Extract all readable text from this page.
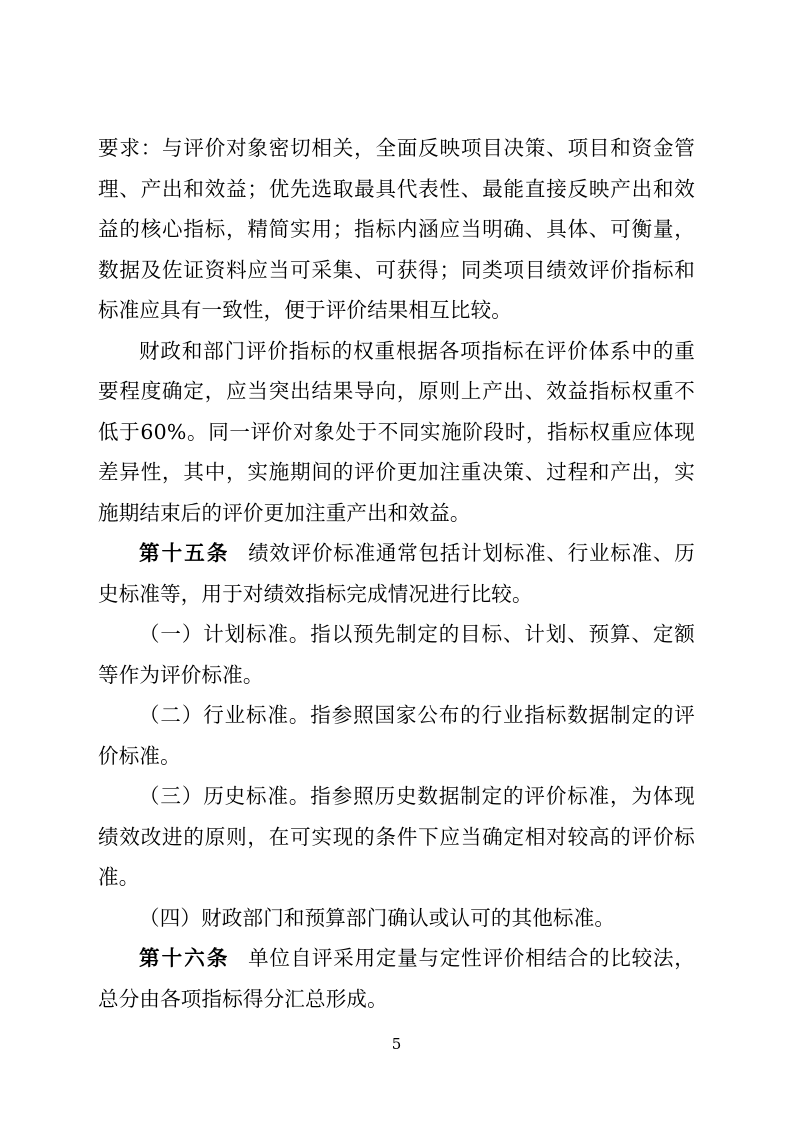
要求：与评价对象密切相关，全面反映项目决策、项目和资金管理、产出和效益；优先选取最具代表性、最能直接反映产出和效益的核心指标，精简实用；指标内涵应当明确、具体、可衡量，数据及佐证资料应当可采集、可获得；同类项目绩效评价指标和标准应具有一致性，便于评价结果相互比较。

财政和部门评价指标的权重根据各项指标在评价体系中的重要程度确定，应当突出结果导向，原则上产出、效益指标权重不低于60%。同一评价对象处于不同实施阶段时，指标权重应体现差异性，其中，实施期间的评价更加注重决策、过程和产出，实施期结束后的评价更加注重产出和效益。

第十五条 绩效评价标准通常包括计划标准、行业标准、历史标准等，用于对绩效指标完成情况进行比较。

（一）计划标准。指以预先制定的目标、计划、预算、定额等作为评价标准。

（二）行业标准。指参照国家公布的行业指标数据制定的评价标准。

（三）历史标准。指参照历史数据制定的评价标准，为体现绩效改进的原则，在可实现的条件下应当确定相对较高的评价标准。

（四）财政部门和预算部门确认或认可的其他标准。

第十六条 单位自评采用定量与定性评价相结合的比较法，总分由各项指标得分汇总形成。

5
